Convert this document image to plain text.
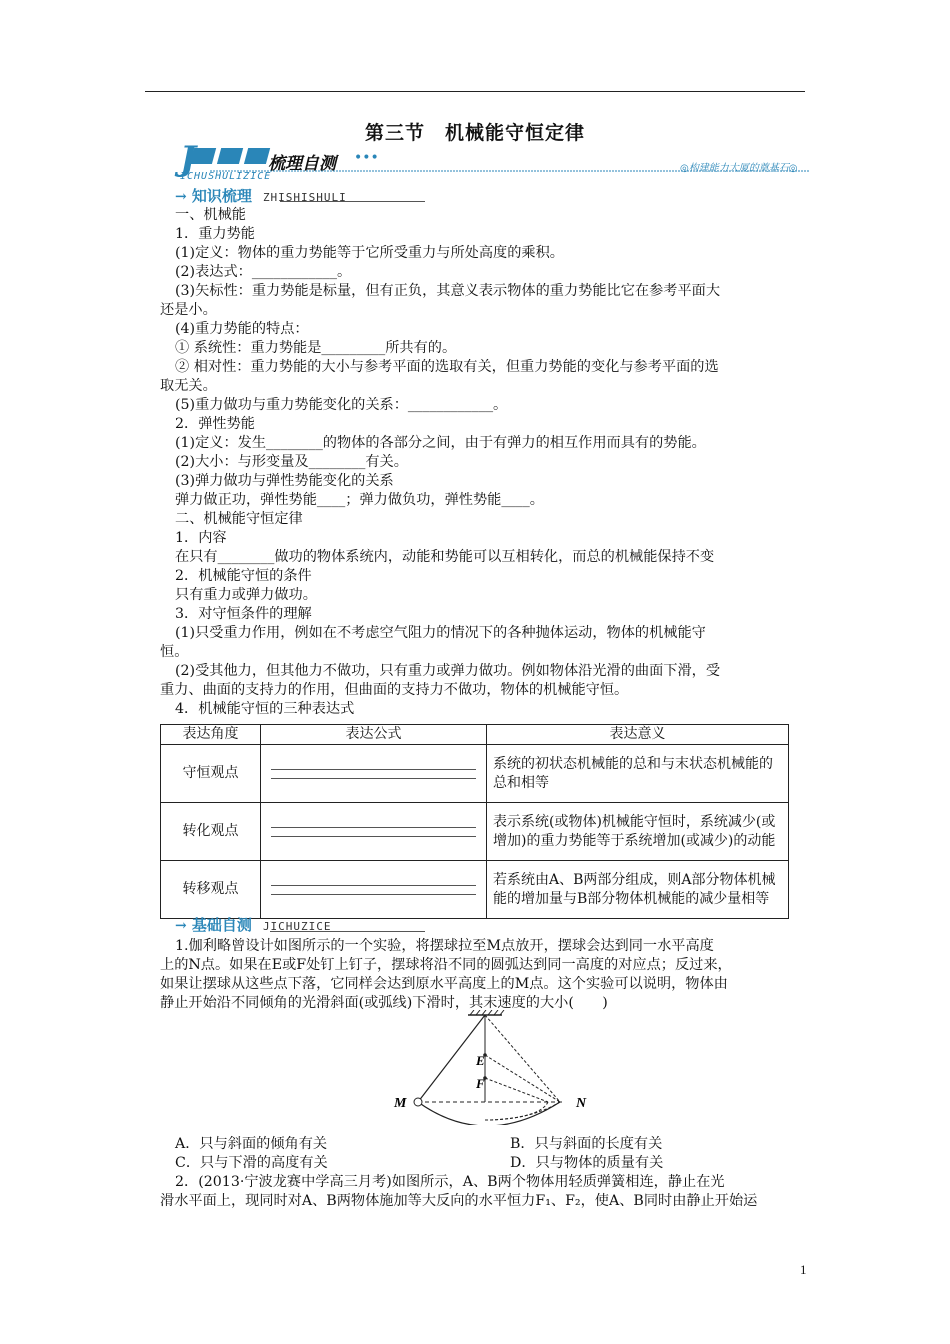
第三节　机械能守恒定律
J	梳理自测 •••
ICHUSHULIZICE
◎构建能力大厦的奠基石◎
→ 知识梳理 ZHISHISHULI
一、机械能
1．重力势能
(1)定义：物体的重力势能等于它所受重力与所处高度的乘积。
(2)表达式：____________。
(3)矢标性：重力势能是标量，但有正负，其意义表示物体的重力势能比它在参考平面大
还是小。
(4)重力势能的特点：
① 系统性：重力势能是_________所共有的。
② 相对性：重力势能的大小与参考平面的选取有关，但重力势能的变化与参考平面的选
取无关。
(5)重力做功与重力势能变化的关系：____________。
2．弹性势能
(1)定义：发生________的物体的各部分之间，由于有弹力的相互作用而具有的势能。
(2)大小：与形变量及________有关。
(3)弹力做功与弹性势能变化的关系
弹力做正功，弹性势能____；弹力做负功，弹性势能____。
二、机械能守恒定律
1．内容
在只有________做功的物体系统内，动能和势能可以互相转化，而总的机械能保持不变
2．机械能守恒的条件
只有重力或弹力做功。
3．对守恒条件的理解
(1)只受重力作用，例如在不考虑空气阻力的情况下的各种抛体运动，物体的机械能守
恒。
(2)受其他力，但其他力不做功，只有重力或弹力做功。例如物体沿光滑的曲面下滑，受
重力、曲面的支持力的作用，但曲面的支持力不做功，物体的机械能守恒。
4．机械能守恒的三种表达式
表达角度	表达公式	表达意义
守恒观点		系统的初状态机械能的总和与末状态机械能的总和相等
转化观点		表示系统(或物体)机械能守恒时，系统减少(或增加)的重力势能等于系统增加(或减少)的动能
转移观点		若系统由A、B两部分组成，则A部分物体机械能的增加量与B部分物体机械能的减少量相等
→ 基础自测 JICHUZICE
1.伽利略曾设计如图所示的一个实验，将摆球拉至M点放开，摆球会达到同一水平高度
上的N点。如果在E或F处钉上钉子，摆球将沿不同的圆弧达到同一高度的对应点；反过来，
如果让摆球从这些点下落，它同样会达到原水平高度上的M点。这个实验可以说明，物体由
静止开始沿不同倾角的光滑斜面(或弧线)下滑时，其末速度的大小(　　)
E
F
M	N
A．只与斜面的倾角有关	B．只与斜面的长度有关
C．只与下滑的高度有关	D．只与物体的质量有关
2．(2013·宁波龙赛中学高三月考)如图所示，A、B两个物体用轻质弹簧相连，静止在光
滑水平面上，现同时对A、B两物体施加等大反向的水平恒力F₁、F₂，使A、B同时由静止开始运
1
